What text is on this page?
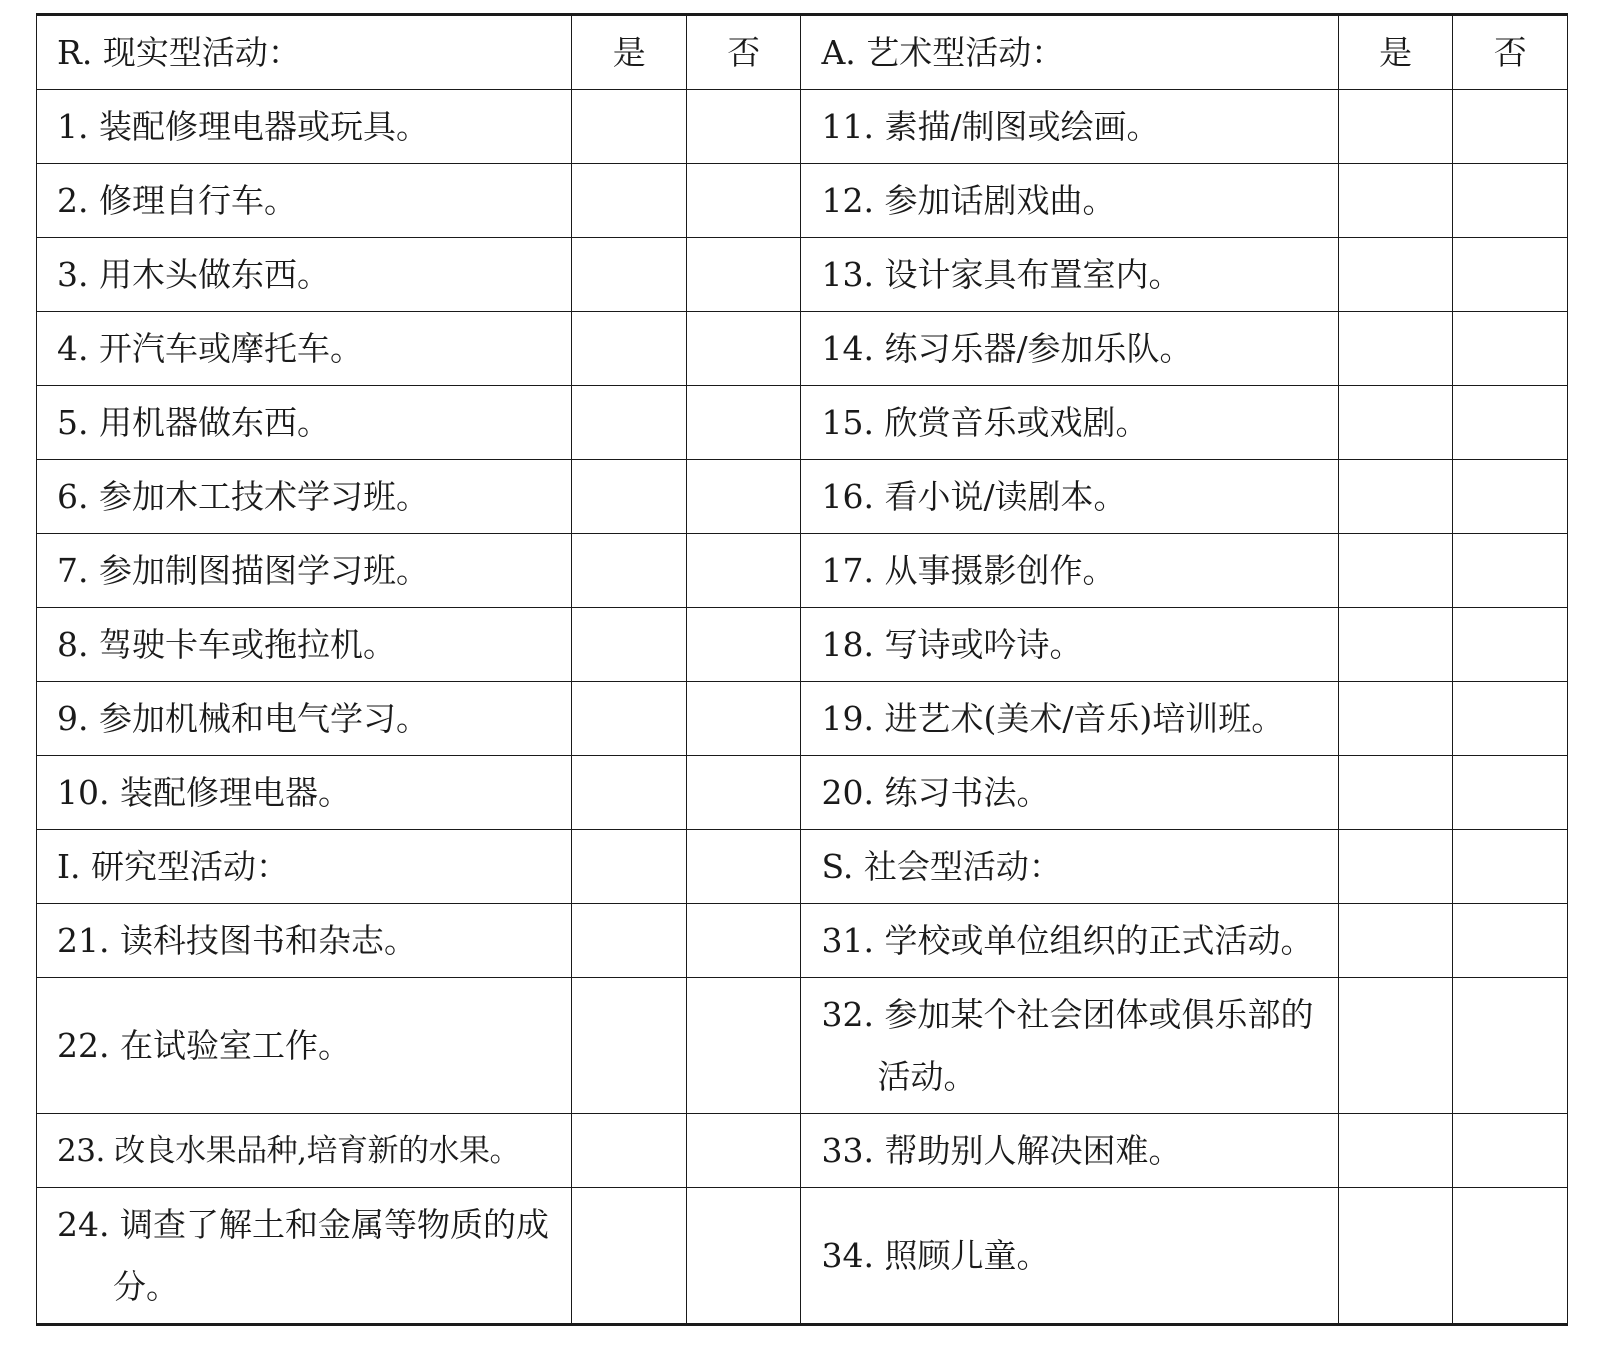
R. 现实型活动：	是	否	A. 艺术型活动：	是	否
1. 装配修理电器或玩具。			11. 素描/制图或绘画。		
2. 修理自行车。			12. 参加话剧戏曲。		
3. 用木头做东西。			13. 设计家具布置室内。		
4. 开汽车或摩托车。			14. 练习乐器/参加乐队。		
5. 用机器做东西。			15. 欣赏音乐或戏剧。		
6. 参加木工技术学习班。			16. 看小说/读剧本。		
7. 参加制图描图学习班。			17. 从事摄影创作。		
8. 驾驶卡车或拖拉机。			18. 写诗或吟诗。		
9. 参加机械和电气学习。			19. 进艺术(美术/音乐)培训班。		
10. 装配修理电器。			20. 练习书法。		
I. 研究型活动：			S. 社会型活动：		
21. 读科技图书和杂志。			31. 学校或单位组织的正式活动。		
22. 在试验室工作。			32. 参加某个社会团体或俱乐部的活动。		

23. 改良水果品种,培育新的水果。			33. 帮助别人解决困难。		

24. 调查了解土和金属等物质的成分。			34. 照顾儿童。		
